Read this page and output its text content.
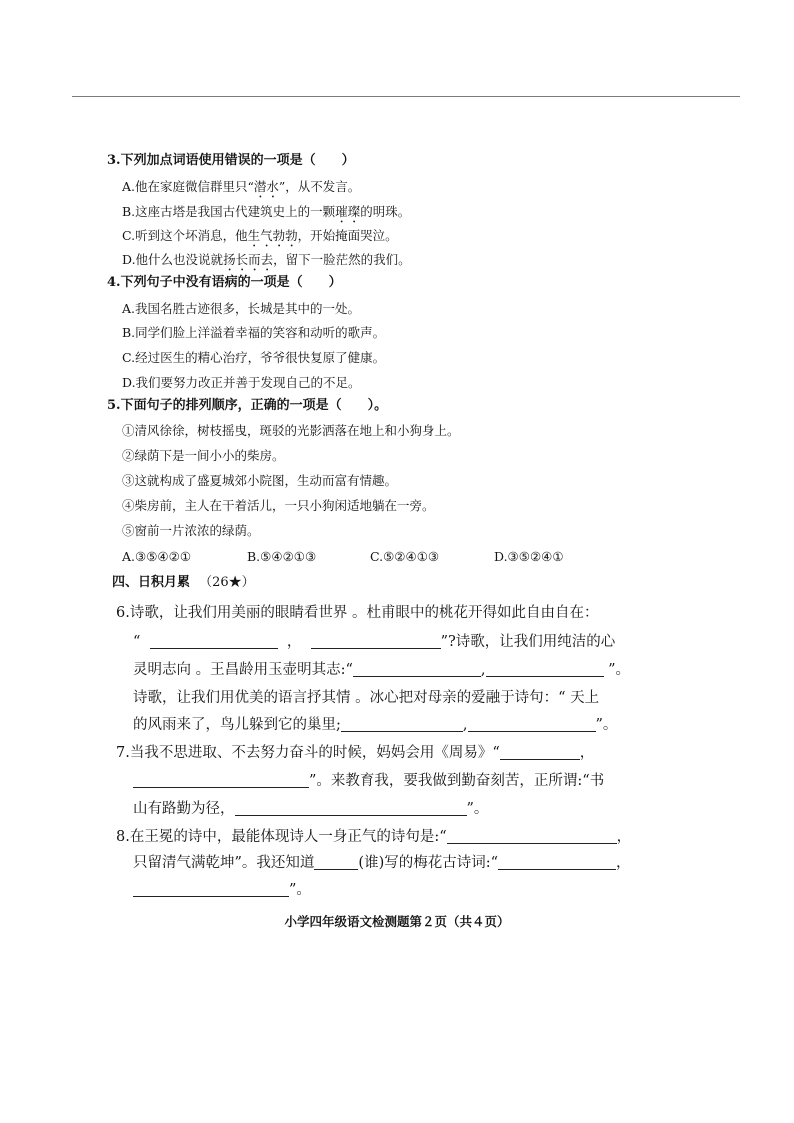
3.下列加点词语使用错误的一项是（　　）
A.他在家庭微信群里只“潜水”，从不发言。
B.这座古塔是我国古代建筑史上的一颗璀璨的明珠。
C.听到这个坏消息，他生气勃勃，开始掩面哭泣。
D.他什么也没说就扬长而去，留下一脸茫然的我们。
4.下列句子中没有语病的一项是（　　）
A.我国名胜古迹很多，长城是其中的一处。
B.同学们脸上洋溢着幸福的笑容和动听的歌声。
C.经过医生的精心治疗，爷爷很快复原了健康。
D.我们要努力改正并善于发现自己的不足。
5.下面句子的排列顺序，正确的一项是（　　）。
①清风徐徐，树枝摇曳，斑驳的光影洒落在地上和小狗身上。
②绿荫下是一间小小的柴房。
③这就构成了盛夏城郊小院图，生动而富有情趣。
④柴房前，主人在干着活儿，一只小狗闲适地躺在一旁。
⑤窗前一片浓浓的绿荫。
A.③⑤④②①	B.⑤④②①③	C.⑤②④①③	D.③⑤②④①
四、日积月累 （26★）
6.诗歌，让我们用美丽的眼睛看世界 。杜甫眼中的桃花开得如此自由自在：
“	，	”?诗歌，让我们用纯洁的心
灵明志向 。王昌龄用玉壶明其志:“	,	”。
诗歌，让我们用优美的语言抒其情 。冰心把对母亲的爱融于诗句：“ 天上
的风雨来了，鸟儿躲到它的巢里;	,	”。
7.当我不思进取、不去努力奋斗的时候，妈妈会用《周易》“	，
”。来教育我，要我做到勤奋刻苦，正所谓:“书
山有路勤为径，	”。
8.在王冕的诗中，最能体现诗人一身正气的诗句是:“	，
只留清气满乾坤”。我还知道	(谁)写的梅花古诗词:“	，
”。
小学四年级语文检测题第２页（共４页）
